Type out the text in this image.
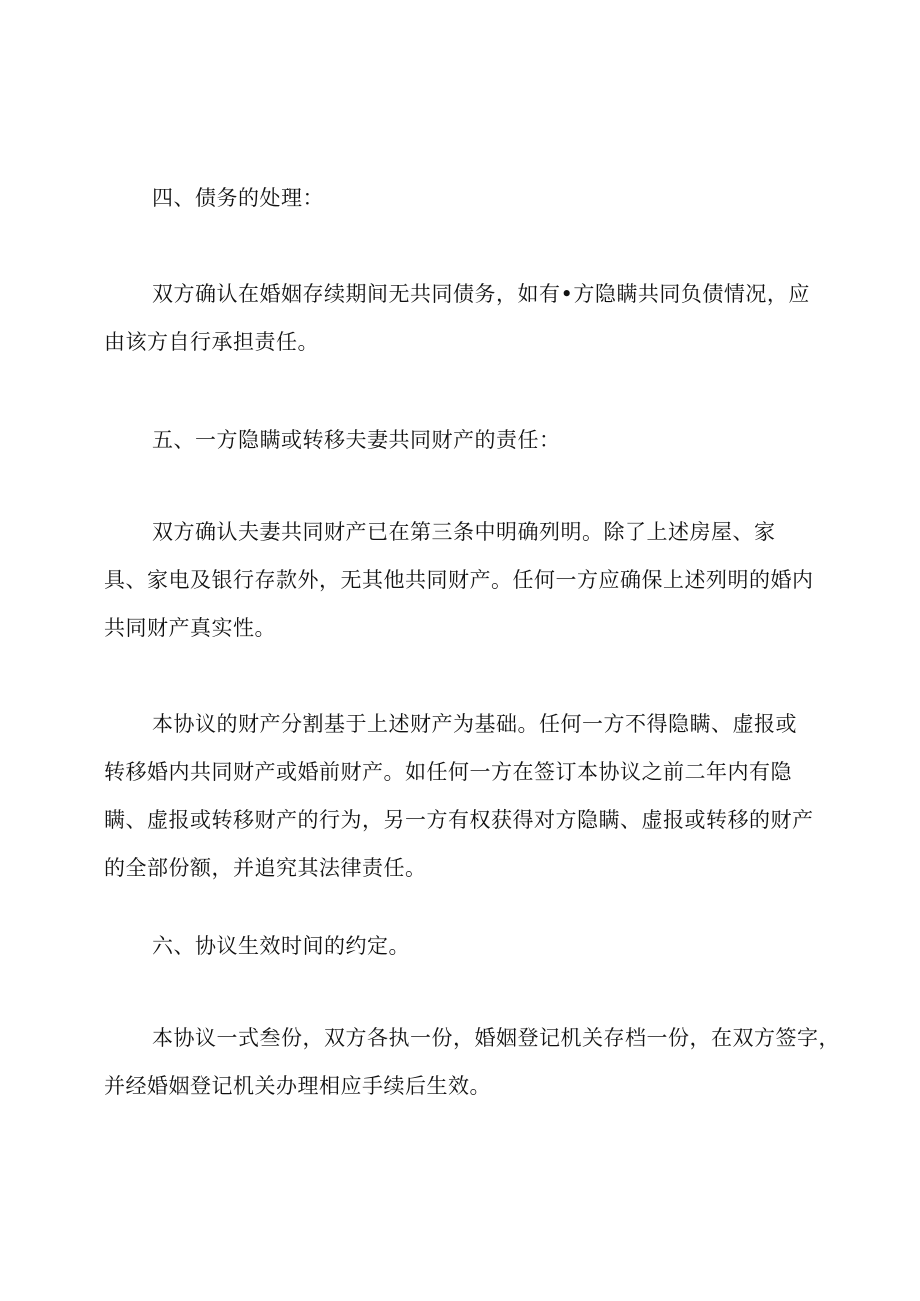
四、债务的处理：
双方确认在婚姻存续期间无共同债务，如有•方隐瞒共同负债情况，应
由该方自行承担责任。
五、一方隐瞒或转移夫妻共同财产的责任：
双方确认夫妻共同财产已在第三条中明确列明。除了上述房屋、家
具、家电及银行存款外，无其他共同财产。任何一方应确保上述列明的婚内
共同财产真实性。
本协议的财产分割基于上述财产为基础。任何一方不得隐瞒、虚报或
转移婚内共同财产或婚前财产。如任何一方在签订本协议之前二年内有隐
瞒、虚报或转移财产的行为，另一方有权获得对方隐瞒、虚报或转移的财产
的全部份额，并追究其法律责任。
六、协议生效时间的约定。
本协议一式叁份，双方各执一份，婚姻登记机关存档一份，在双方签字，
并经婚姻登记机关办理相应手续后生效。
